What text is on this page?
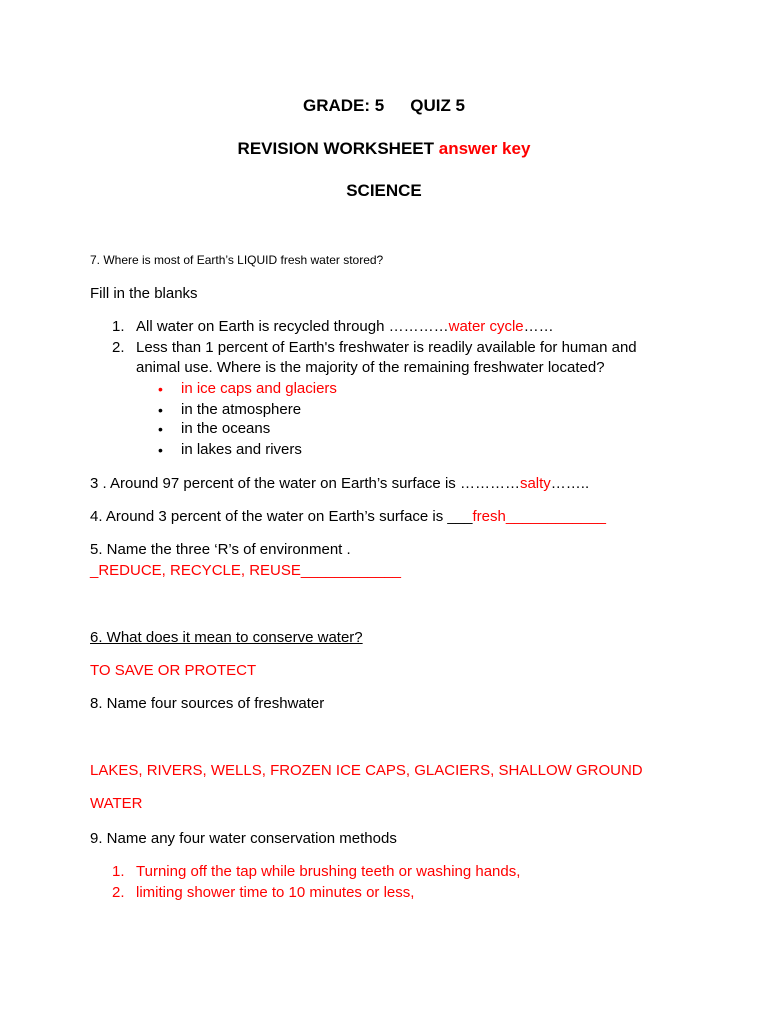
GRADE: 5 QUIZ 5
REVISION WORKSHEET answer key
SCIENCE
7. Where is most of Earth’s LIQUID fresh water stored?
Fill in the blanks
1. All water on Earth is recycled through …………water cycle……
2. Less than 1 percent of Earth's freshwater is readily available for human and
animal use. Where is the majority of the remaining freshwater located?
• in ice caps and glaciers
• in the atmosphere
• in the oceans
• in lakes and rivers
3 . Around 97 percent of the water on Earth’s surface is …………salty……..
4. Around 3 percent of the water on Earth’s surface is ___fresh____________
5. Name the three ‘R’s of environment .
_REDUCE, RECYCLE, REUSE____________
6. What does it mean to conserve water?
TO SAVE OR PROTECT
8. Name four sources of freshwater
LAKES, RIVERS, WELLS, FROZEN ICE CAPS, GLACIERS, SHALLOW GROUND
WATER
9. Name any four water conservation methods
1. Turning off the tap while brushing teeth or washing hands,
2. limiting shower time to 10 minutes or less,
